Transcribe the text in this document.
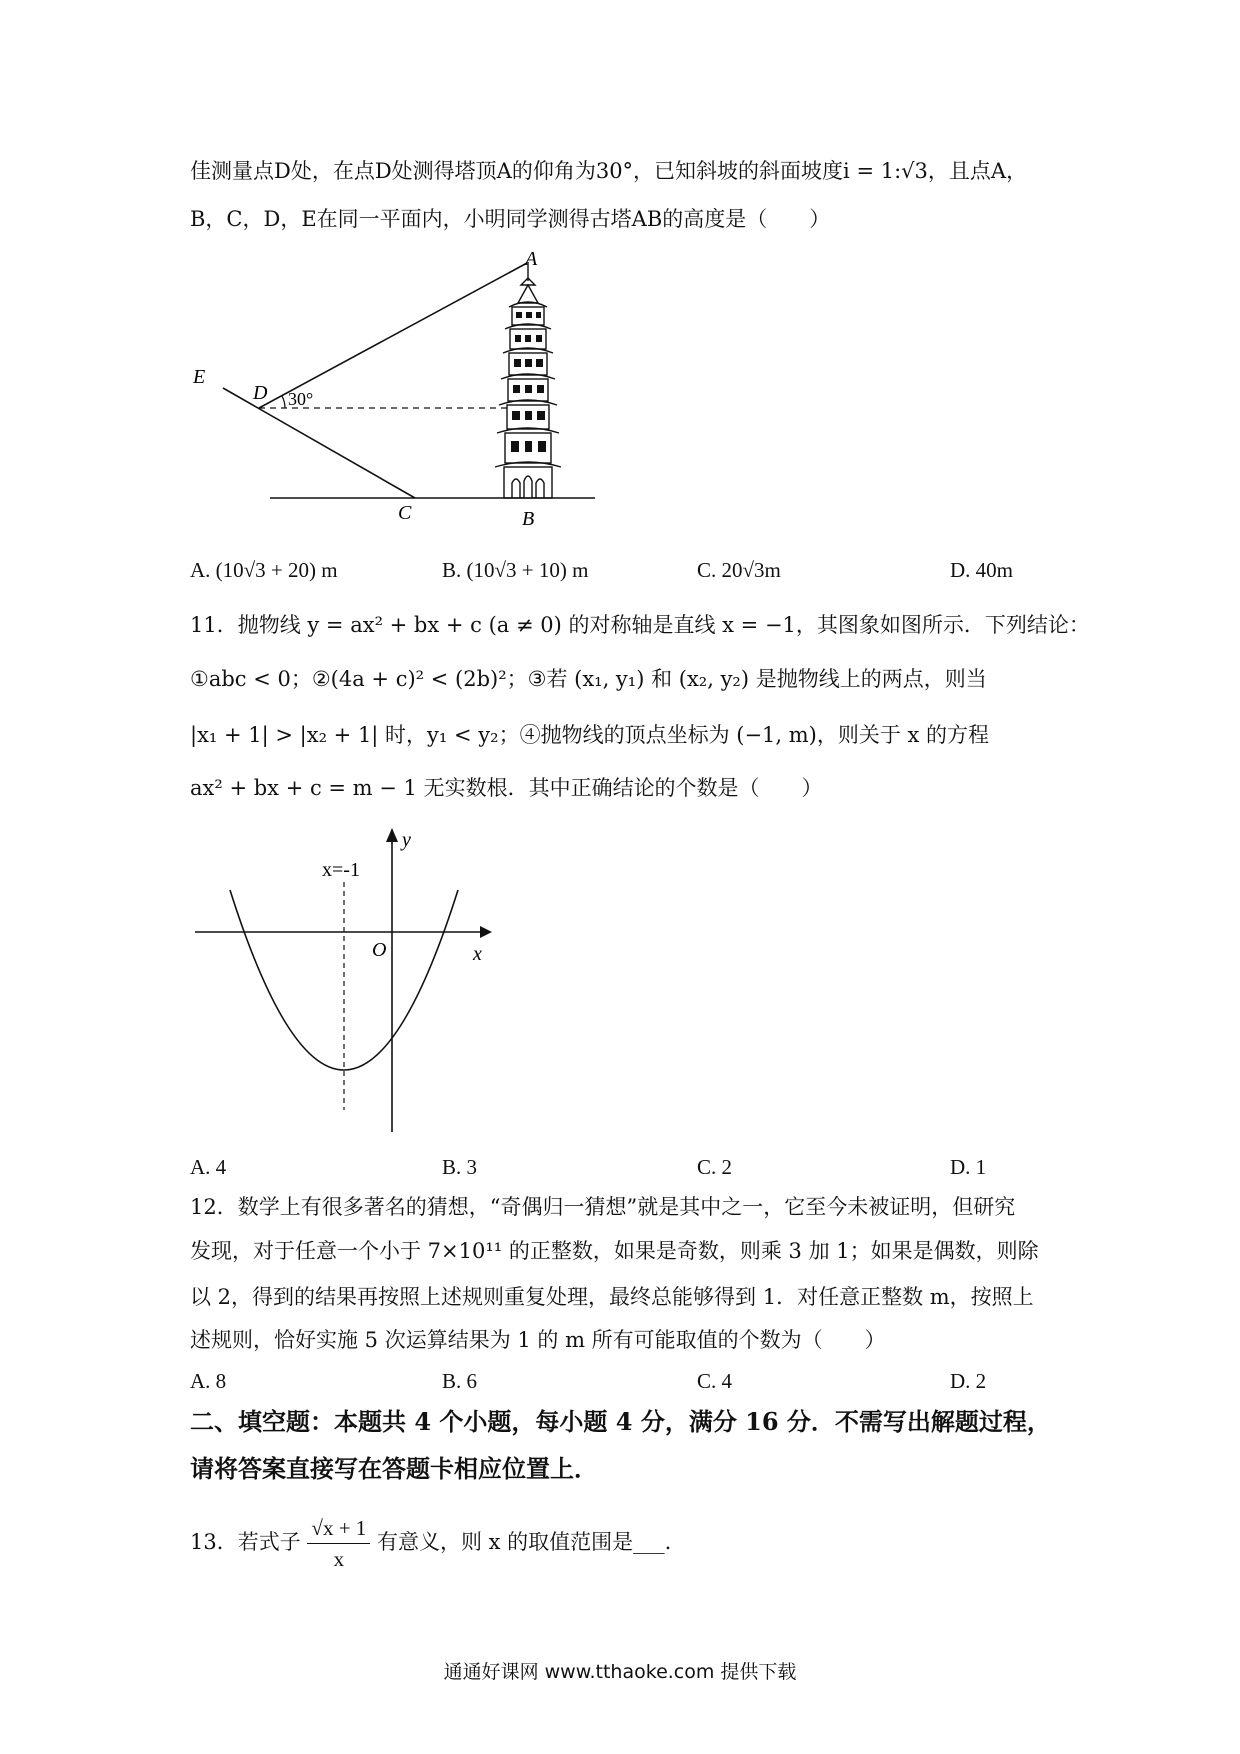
佳测量点D处，在点D处测得塔顶A的仰角为30°，已知斜坡的斜面坡度i = 1:√3，且点A，
B，C，D，E在同一平面内，小明同学测得古塔AB的高度是（　　）
A
B
C
D
E
30°
A. (10√3 + 20) m	B. (10√3 + 10) m	C. 20√3m	D. 40m
11．抛物线 y = ax² + bx + c (a ≠ 0) 的对称轴是直线 x = −1，其图象如图所示．下列结论：
①abc < 0；②(4a + c)² < (2b)²；③若 (x₁, y₁) 和 (x₂, y₂) 是抛物线上的两点，则当
|x₁ + 1| > |x₂ + 1| 时，y₁ < y₂；④抛物线的顶点坐标为 (−1, m)，则关于 x 的方程
ax² + bx + c = m − 1 无实数根．其中正确结论的个数是（　　）
x=-1
y
x
O
A. 4	B. 3	C. 2	D. 1
12．数学上有很多著名的猜想，“奇偶归一猜想”就是其中之一，它至今未被证明，但研究
发现，对于任意一个小于 7×10¹¹ 的正整数，如果是奇数，则乘 3 加 1；如果是偶数，则除
以 2，得到的结果再按照上述规则重复处理，最终总能够得到 1．对任意正整数 m，按照上
述规则，恰好实施 5 次运算结果为 1 的 m 所有可能取值的个数为（　　）
A. 8	B. 6	C. 4	D. 2
二、填空题：本题共 4 个小题，每小题 4 分，满分 16 分．不需写出解题过程，
请将答案直接写在答题卡相应位置上．
13．若式子 $\frac{√x + 1}{x}$ 有意义，则 x 的取值范围是___.
通通好课网 www.tthaoke.com 提供下载
